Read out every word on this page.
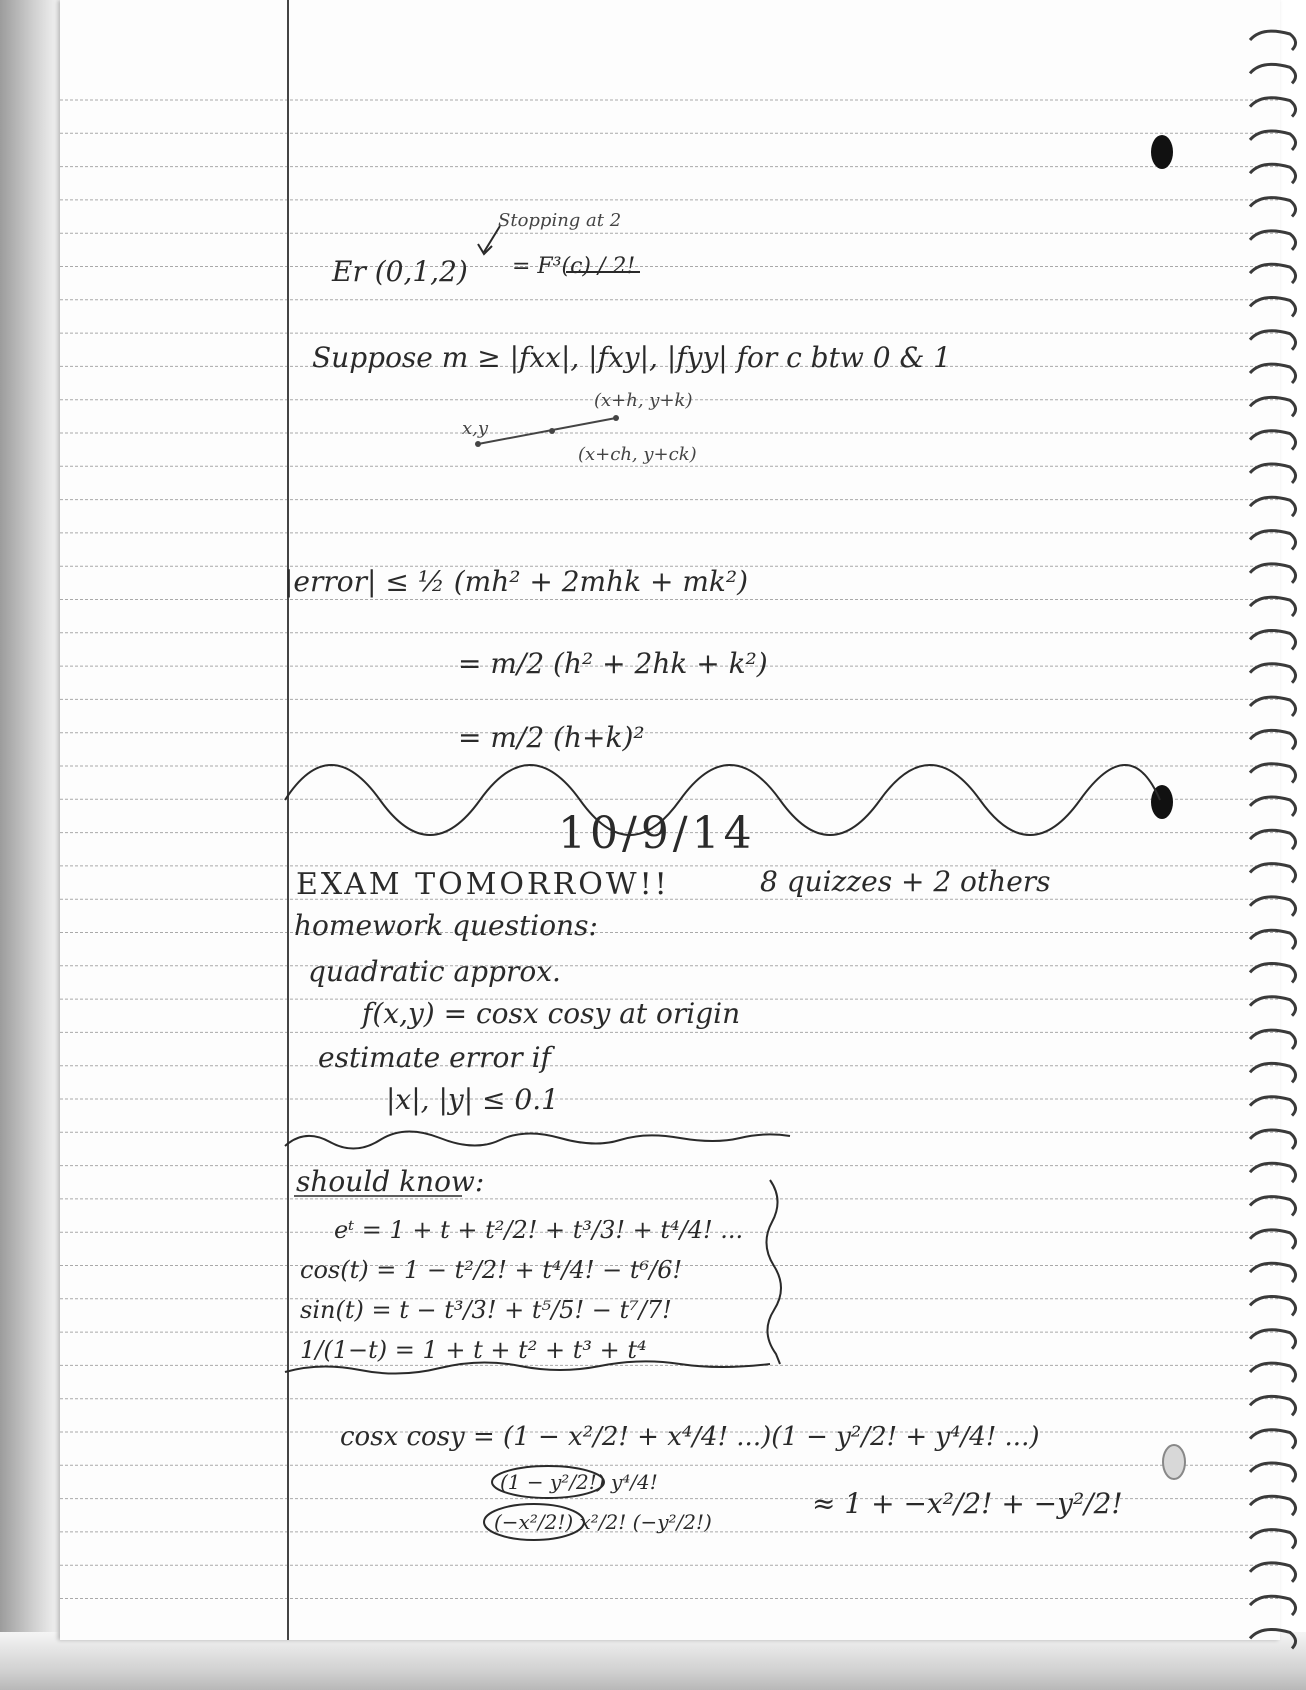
Stopping at 2

Er (0,1,2) = F³(c) / 2!

Suppose m ≥ |fxx|, |fxy|, |fyy| for c btw 0 & 1

(x+h, y+k)

x,y

(x+ch, y+ck)

|error| ≤ ½ (mh² + 2mhk + mk²)

= m/2 (h² + 2hk + k²)

= m/2 (h+k)²

10/9/14

EXAM TOMORROW!!	8 quizzes + 2 others

homework questions:

quadratic approx.

f(x,y) = cosx cosy at origin

estimate error if

|x|, |y| ≤ 0.1

should know:

eᵗ = 1 + t + t²/2! + t³/3! + t⁴/4! ...

cos(t) = 1 − t²/2! + t⁴/4! − t⁶/6!

sin(t) = t − t³/3! + t⁵/5! − t⁷/7!

1/(1−t) = 1 + t + t² + t³ + t⁴

cosx cosy = (1 − x²/2! + x⁴/4! ...)(1 − y²/2! + y⁴/4! ...)

(1 − y²/2!) y⁴/4!

(−x²/2!) x²/2! (−y²/2!)

≈ 1 + −x²/2! + −y²/2!
